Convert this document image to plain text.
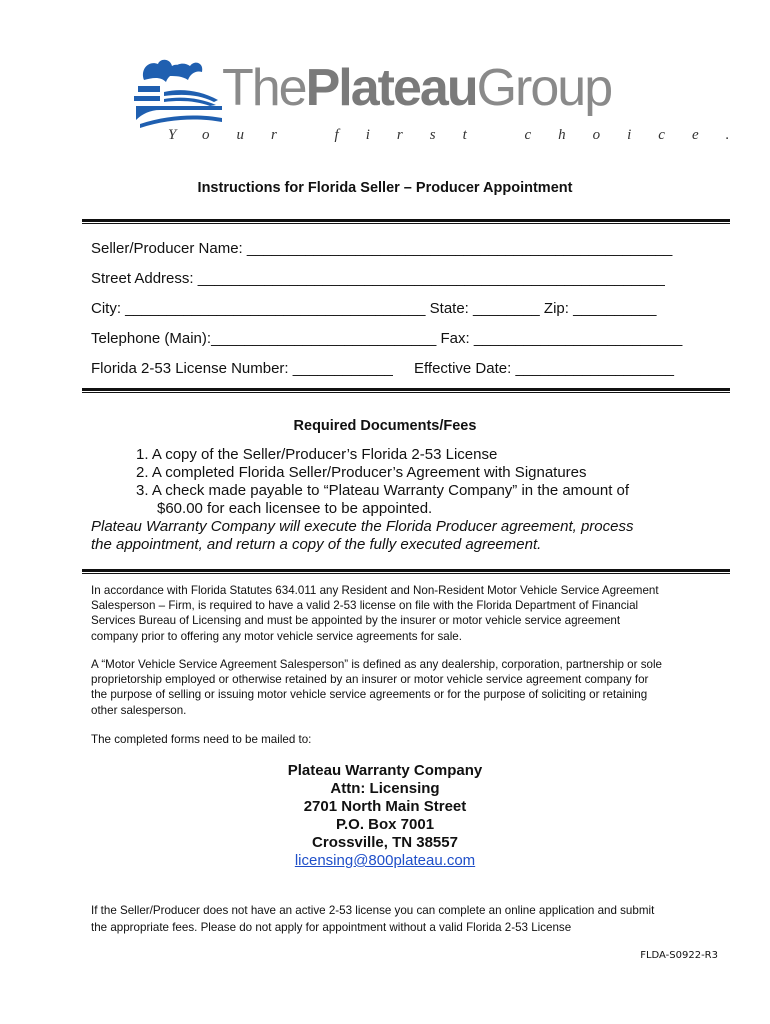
ThePlateauGroup
Your first choice.
Instructions for Florida Seller – Producer Appointment
Seller/Producer Name: ___________________________________________________
Street Address: ________________________________________________________
City: ____________________________________ State: ________ Zip: __________
Telephone (Main):___________________________ Fax: _________________________
Florida 2-53 License Number: ____________ Effective Date: ___________________
Required Documents/Fees
1. A copy of the Seller/Producer’s Florida 2-53 License
2. A completed Florida Seller/Producer’s Agreement with Signatures
3. A check made payable to “Plateau Warranty Company” in the amount of
$60.00 for each licensee to be appointed.
Plateau Warranty Company will execute the Florida Producer agreement, process
the appointment, and return a copy of the fully executed agreement.
In accordance with Florida Statutes 634.011 any Resident and Non-Resident Motor Vehicle Service Agreement Salesperson – Firm, is required to have a valid 2-53 license on file with the Florida Department of Financial Services Bureau of Licensing and must be appointed by the insurer or motor vehicle service agreement company prior to offering any motor vehicle service agreements for sale.
A “Motor Vehicle Service Agreement Salesperson” is defined as any dealership, corporation, partnership or sole proprietorship employed or otherwise retained by an insurer or motor vehicle service agreement company for the purpose of selling or issuing motor vehicle service agreements or for the purpose of soliciting or retaining other salesperson.
The completed forms need to be mailed to:
Plateau Warranty Company
Attn: Licensing
2701 North Main Street
P.O. Box 7001
Crossville, TN 38557
licensing@800plateau.com
If the Seller/Producer does not have an active 2-53 license you can complete an online application and submit the appropriate fees. Please do not apply for appointment without a valid Florida 2-53 License
FLDA-S0922-R3
